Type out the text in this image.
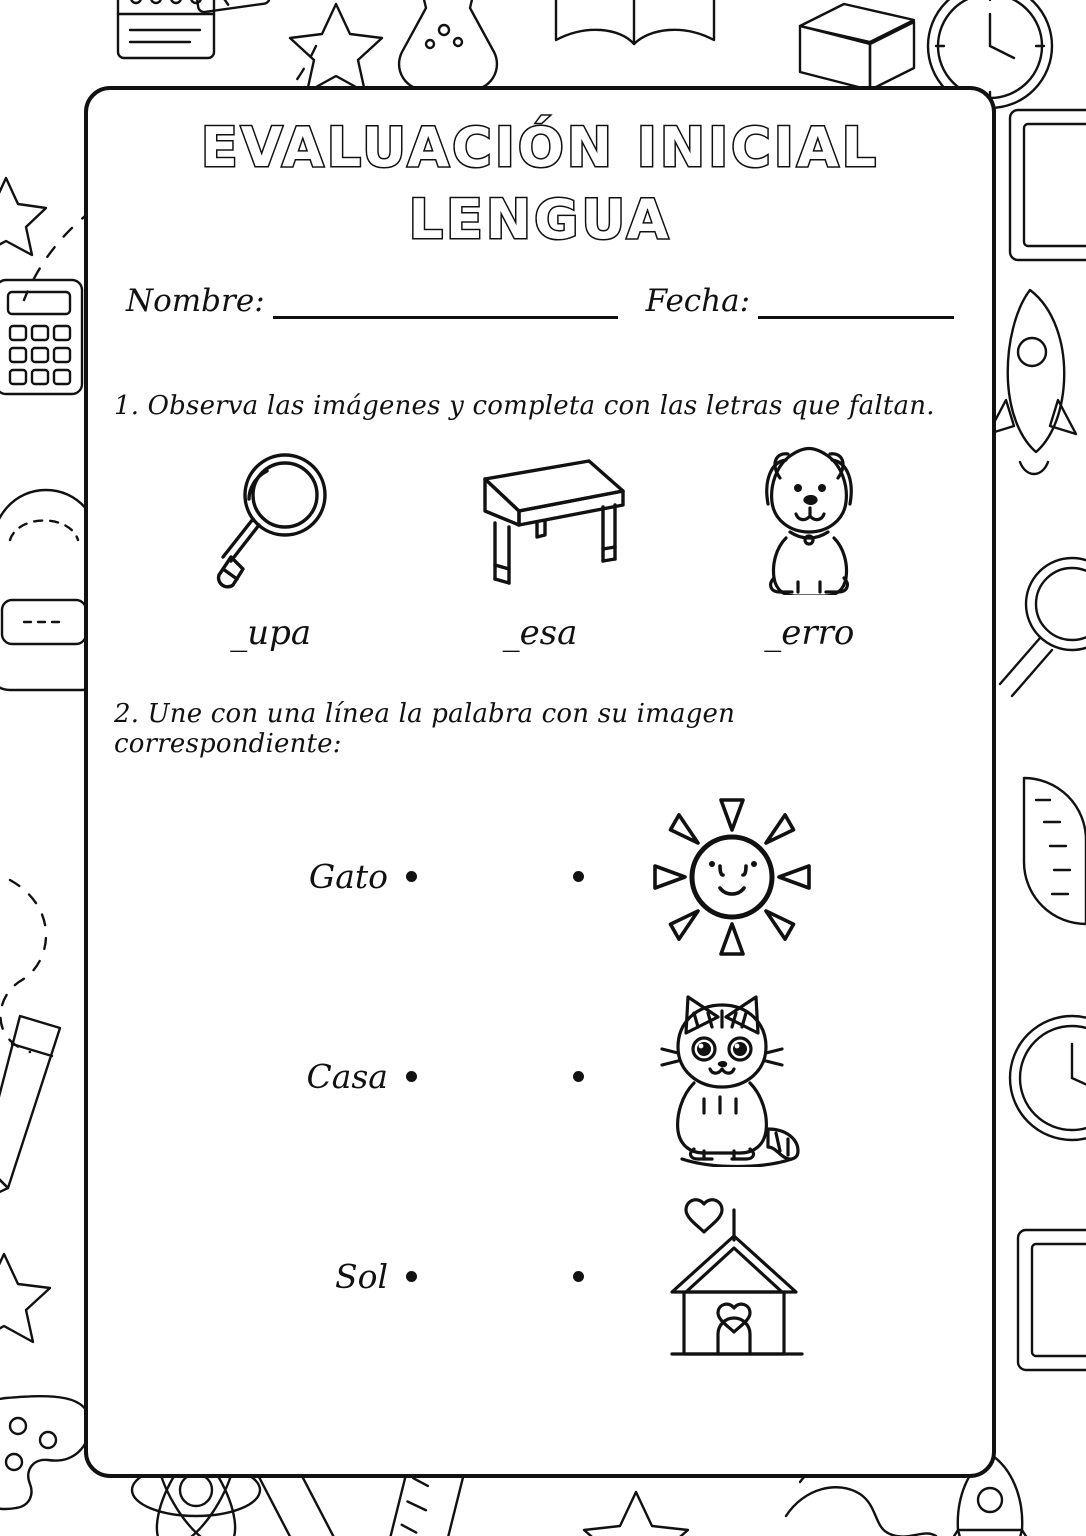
EVALUACIÓN INICIAL
LENGUA
Nombre:	Fecha:
1. Observa las imágenes y completa con las letras que faltan.
_upa	_esa	_erro
2. Une con una línea la palabra con su imagen correspondiente:
Gato
Casa
Sol
